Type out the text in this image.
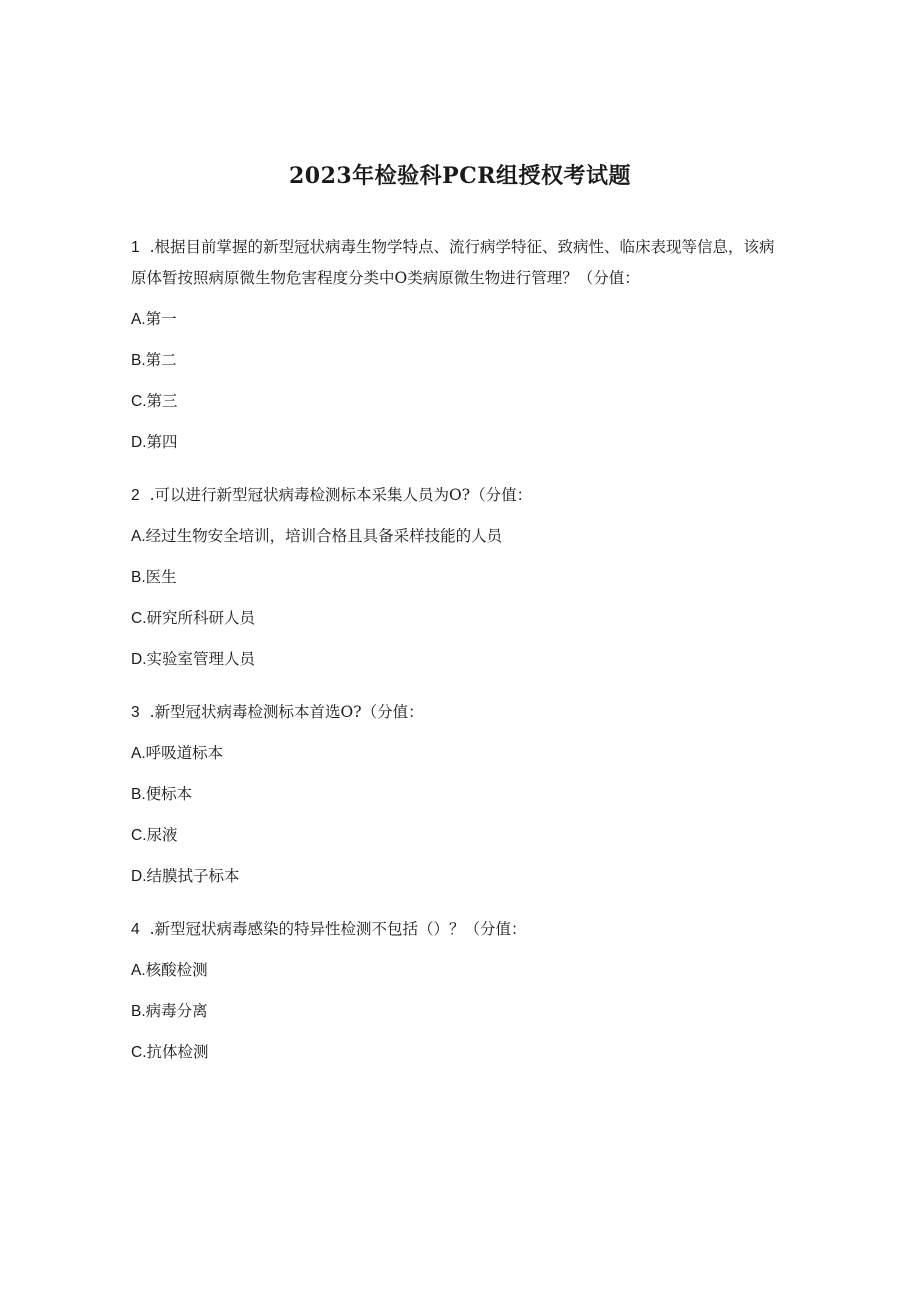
2023年检验科PCR组授权考试题

1 .根据目前掌握的新型冠状病毒生物学特点、流行病学特征、致病性、临床表现等信息，该病原体暂按照病原微生物危害程度分类中O类病原微生物进行管理？（分值：

A.第一
B.第二
C.第三
D.第四

2 .可以进行新型冠状病毒检测标本采集人员为O?（分值：

A.经过生物安全培训，培训合格且具备采样技能的人员
B.医生
C.研究所科研人员
D.实验室管理人员

3 .新型冠状病毒检测标本首选O?（分值：

A.呼吸道标本
B.便标本
C.尿液
D.结膜拭子标本

4 .新型冠状病毒感染的特异性检测不包括（）？（分值：

A.核酸检测
B.病毒分离
C.抗体检测
